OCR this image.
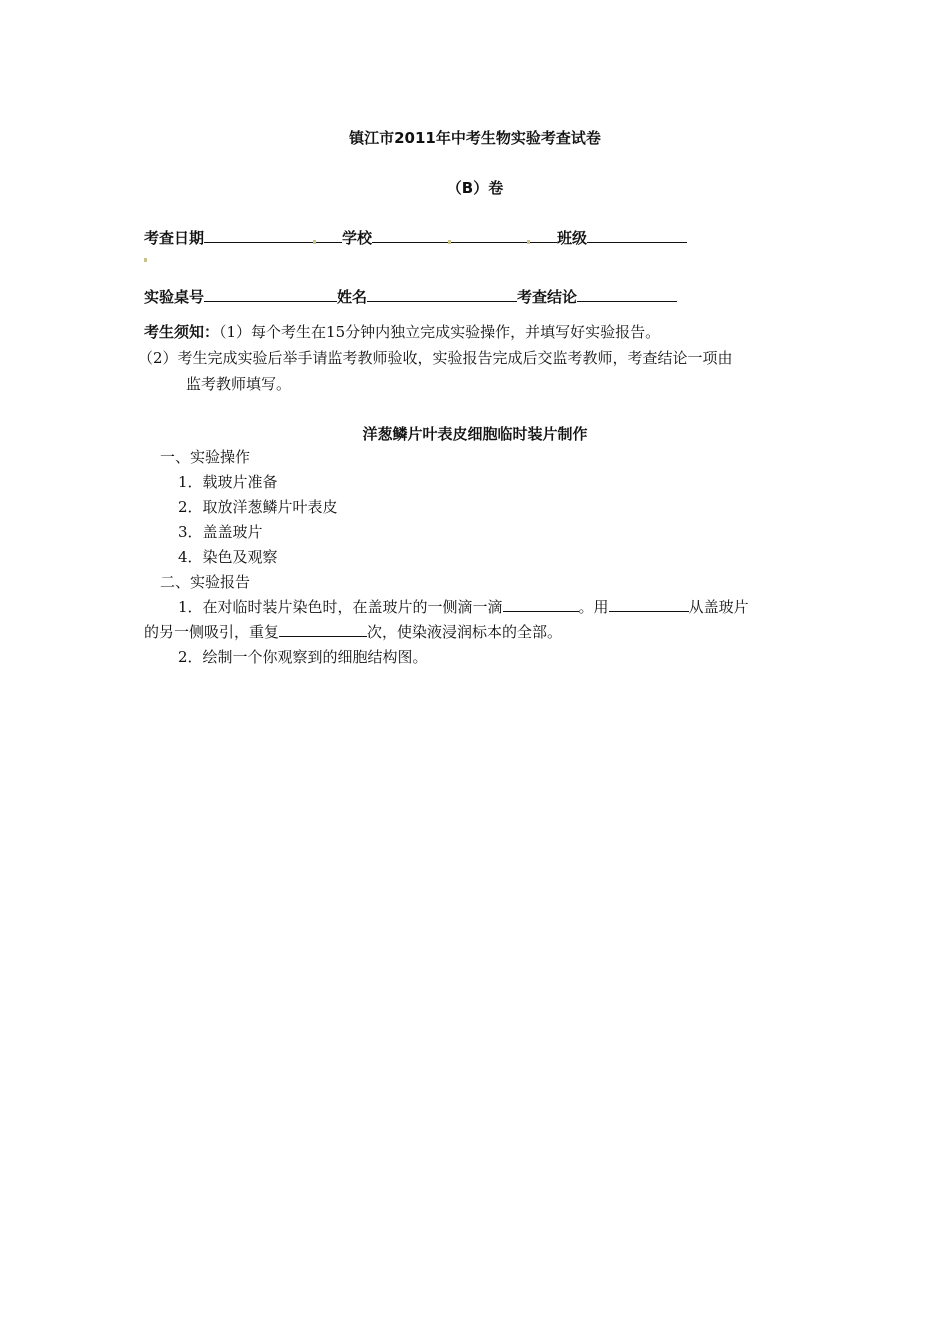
镇江市2011年中考生物实验考查试卷
（B）卷
考查日期	学校	班级
实验桌号	姓名	考查结论
考生须知：（1）每个考生在15分钟内独立完成实验操作，并填写好实验报告。
（2）考生完成实验后举手请监考教师验收，实验报告完成后交监考教师，考查结论一项由
监考教师填写。
洋葱鳞片叶表皮细胞临时装片制作
一、实验操作
1．载玻片准备
2．取放洋葱鳞片叶表皮
3．盖盖玻片
4．染色及观察
二、实验报告
1．在对临时装片染色时，在盖玻片的一侧滴一滴	。用	从盖玻片
的另一侧吸引，重复	次，使染液浸润标本的全部。
2．绘制一个你观察到的细胞结构图。
